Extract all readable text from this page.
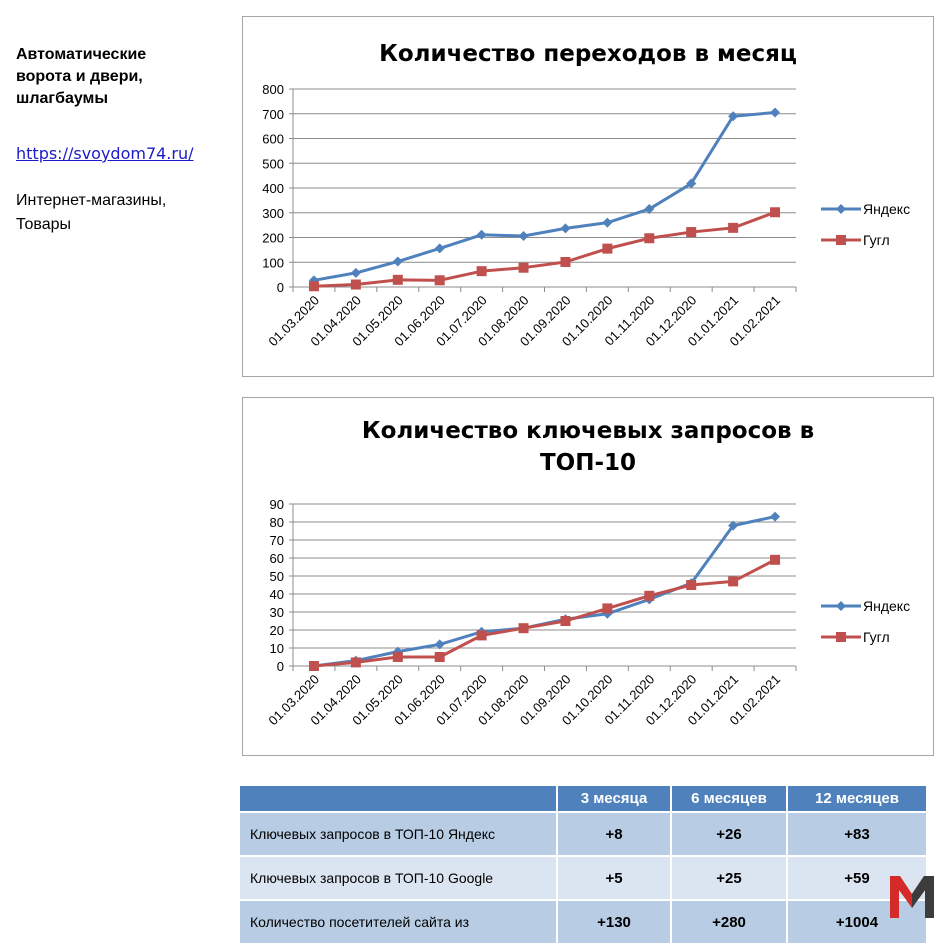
Автоматические
ворота и двери,
шлагбаумы

https://svoydom74.ru/
Интернет-магазины,
Товары
Количество переходов в месяц
0
100
200
300
400
500
600
700
800
01.03.2020
01.04.2020
01.05.2020
01.06.2020
01.07.2020
01.08.2020
01.09.2020
01.10.2020
01.11.2020
01.12.2020
01.01.2021
01.02.2021
Яндекс
Гугл
Количество ключевых запросов в ТОП-10
0
10
20
30
40
50
60
70
80
90
01.03.2020
01.04.2020
01.05.2020
01.06.2020
01.07.2020
01.08.2020
01.09.2020
01.10.2020
01.11.2020
01.12.2020
01.01.2021
01.02.2021
Яндекс
Гугл
	3 месяца	6 месяцев	12 месяцев
Ключевых запросов в ТОП-10 Яндекс	+8	+26	+83
Ключевых запросов в ТОП-10 Google	+5	+25	+59
Количество посетителей сайта из	+130	+280	+1004
